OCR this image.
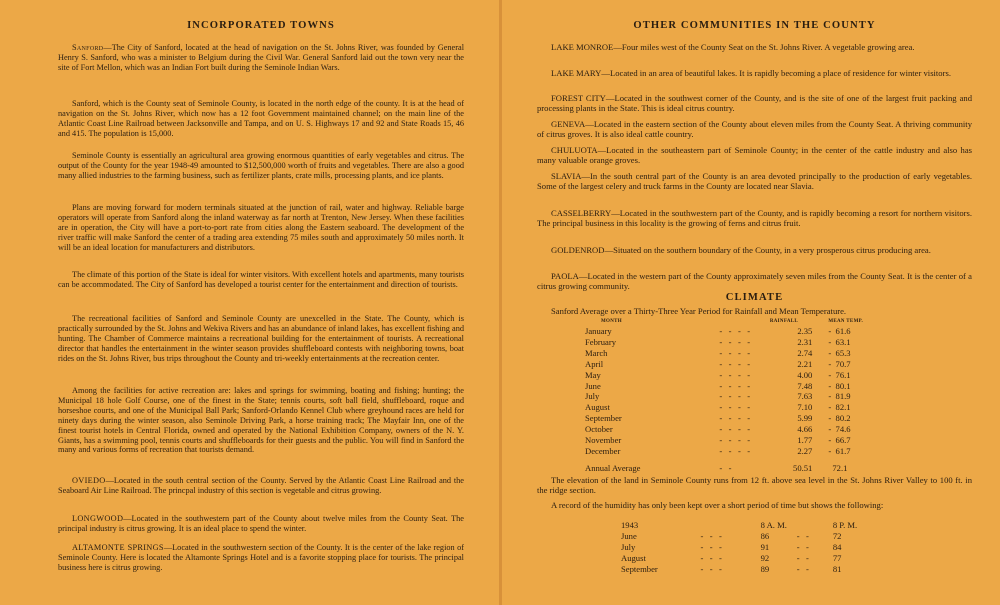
INCORPORATED TOWNS

Sanford—The City of Sanford, located at the head of navigation on the St. Johns River, was founded by General Henry S. Sanford, who was a minister to Belgium during the Civil War. General Sanford laid out the town very near the site of Fort Mellon, which was an Indian Fort built during the Seminole Indian Wars.

Sanford, which is the County seat of Seminole County, is located in the north edge of the county. It is at the head of navigation on the St. Johns River, which now has a 12 foot Government maintained channel; on the main line of the Atlantic Coast Line Railroad between Jacksonville and Tampa, and on U. S. Highways 17 and 92 and State Roads 15, 46 and 415. The population is 15,000.

Seminole County is essentially an agricultural area growing enormous quantities of early vegetables and citrus. The output of the County for the year 1948-49 amounted to $12,500,000 worth of fruits and vegetables. There are also a good many allied industries to the farming business, such as fertilizer plants, crate mills, processing plants, and ice plants.

Plans are moving forward for modern terminals situated at the junction of rail, water and highway. Reliable barge operators will operate from Sanford along the inland waterway as far north at Trenton, New Jersey. When these facilities are in operation, the City will have a port-to-port rate from cities along the Eastern seaboard. The development of the river traffic will make Sanford the center of a trading area extending 75 miles south and approximately 50 miles north. It will be an ideal location for manufacturers and distributors.

The climate of this portion of the State is ideal for winter visitors. With excellent hotels and apartments, many tourists can be accommodated. The City of Sanford has developed a tourist center for the entertainment and direction of tourists.

The recreational facilities of Sanford and Seminole County are unexcelled in the State. The County, which is practically surrounded by the St. Johns and Wekiva Rivers and has an abundance of inland lakes, has excellent fishing and hunting. The Chamber of Commerce maintains a recreational building for the entertainment of tourists. A recreational director that handles the entertainment in the winter season provides shuffleboard contests with neighboring towns, boat rides on the St. Johns River, bus trips throughout the County and tri-weekly entertainments at the recreation center.

Among the facilities for active recreation are: lakes and springs for swimming, boating and fishing; hunting; the Municipal 18 hole Golf Course, one of the finest in the State; tennis courts, soft ball field, shuffleboard, roque and horseshoe courts, and one of the Municipal Ball Park; Sanford-Orlando Kennel Club where greyhound races are held for ninety days during the winter season, also Seminole Driving Park, a horse training track; The Mayfair Inn, one of the finest tourist hotels in Central Florida, owned and operated by the National Exhibition Company, owners of the N. Y. Giants, has a swimming pool, tennis courts and shuffleboards for their guests and the public. You will find in Sanford the many and various forms of recreation that tourists demand.

OVIEDO—Located in the south central section of the County. Served by the Atlantic Coast Line Railroad and the Seaboard Air Line Railroad. The princpal industry of this section is vegetable and citrus growing.

LONGWOOD—Located in the southwestern part of the County about twelve miles from the County Seat. The principal industry is citrus growing. It is an ideal place to spend the winter.

ALTAMONTE SPRINGS—Located in the southwestern section of the County. It is the center of the lake region of Seminole County. Here is located the Altamonte Springs Hotel and is a favorite stopping place for tourists. The principal business here is citrus growing.

OTHER COMMUNITIES IN THE COUNTY

LAKE MONROE—Four miles west of the County Seat on the St. Johns River. A vegetable growing area.

LAKE MARY—Located in an area of beautiful lakes. It is rapidly becoming a place of residence for winter visitors.

FOREST CITY—Located in the southwest corner of the County, and is the site of one of the largest fruit packing and processing plants in the State. This is ideal citrus country.

GENEVA—Located in the eastern section of the County about eleven miles from the County Seat. A thriving community of citrus groves. It is also ideal cattle country.

CHULUOTA—Located in the southeastern part of Seminole County; in the center of the cattle industry and also has many valuable orange groves.

SLAVIA—In the south central part of the County is an area devoted principally to the production of early vegetables. Some of the largest celery and truck farms in the County are located near Slavia.

CASSELBERRY—Located in the southwestern part of the County, and is rapidly becoming a resort for northern visitors. The principal business in this locality is the growing of ferns and citrus fruit.

GOLDENROD—Situated on the southern boundary of the County, in a very prosperous citrus producing area.

PAOLA—Located in the western part of the County approximately seven miles from the County Seat. It is the center of a citrus growing community.

CLIMATE

Sanford Average over a Thirty-Three Year Period for Rainfall and Mean Temperature.

MONTH		RAINFALL	MEAN TEMP.
January	-   -   -   -	2.35	-  61.6
February	-   -   -   -	2.31	-  63.1
March	-   -   -   -	2.74	-  65.3
April	-   -   -   -	2.21	-  70.7
May	-   -   -   -	4.00	-  76.1
June	-   -   -   -	7.48	-  80.1
July	-   -   -   -	7.63	-  81.9
August	-   -   -   -	7.10	-  82.1
September	-   -   -   -	5.99	-  80.2
October	-   -   -   -	4.66	-  74.6
November	-   -   -   -	1.77	-  66.7
December	-   -   -   -	2.27	-  61.7

Annual Average	-   -	50.51	72.1

The elevation of the land in Seminole County runs from 12 ft. above sea level in the St. Johns River Valley to 100 ft. in the ridge section.

A record of the humidity has only been kept over a short period of time but shows the following:

1943		8 A. M.		8 P. M.
June	-   -   -	86	-   -	72
July	-   -   -	91	-   -	84
August	-   -   -	92	-   -	77
September	-   -   -	89	-   -	81
